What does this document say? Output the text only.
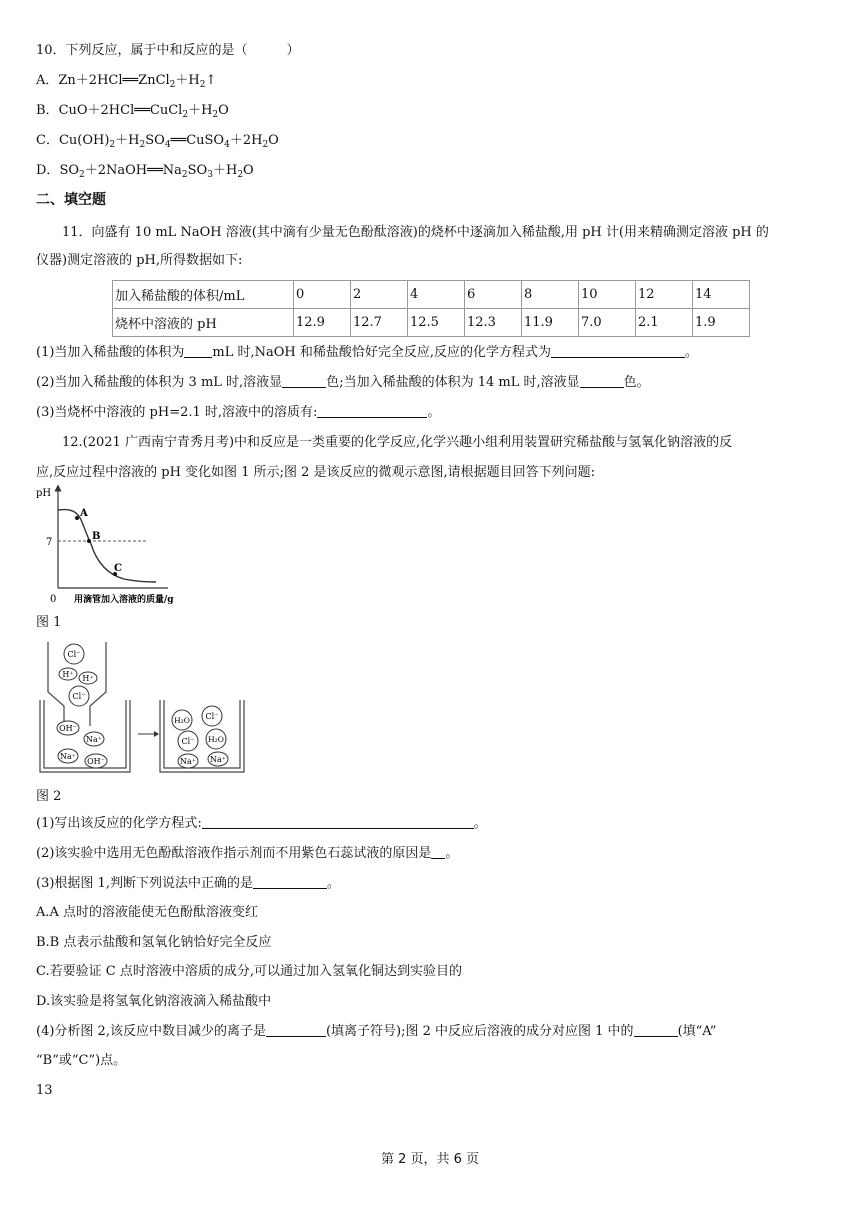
10．下列反应，属于中和反应的是（　　　）
A．$Zn+2HCl══ZnCl_2+H_2↑$
B．$CuO+2HCl══CuCl_2+H_2O$
C．$Cu(OH)_2+H_2SO_4══CuSO_4+2H_2O$
D．$SO_2+2NaOH══Na_2SO_3+H_2O$
二、填空题
11．向盛有 10 mL NaOH 溶液(其中滴有少量无色酚酞溶液)的烧杯中逐滴加入稀盐酸,用 pH 计(用来精确测定溶液 pH 的
仪器)测定溶液的 pH,所得数据如下:
加入稀盐酸的体积/mL	0	2	4	6	8	10	12	14
烧杯中溶液的 pH	12.9	12.7	12.5	12.3	11.9	7.0	2.1	1.9
(1)当加入稀盐酸的体积为 mL 时,NaOH 和稀盐酸恰好完全反应,反应的化学方程式为	。
(2)当加入稀盐酸的体积为 3 mL 时,溶液显	色;当加入稀盐酸的体积为 14 mL 时,溶液显	色。
(3)当烧杯中溶液的 pH=2.1 时,溶液中的溶质有:	。
12.(2021 广西南宁青秀月考)中和反应是一类重要的化学反应,化学兴趣小组利用装置研究稀盐酸与氢氧化钠溶液的反
应,反应过程中溶液的 pH 变化如图 1 所示;图 2 是该反应的微观示意图,请根据题目回答下列问题:
pH
7
0 用滴管加入溶液的质量/g
A
B
C
图 1
Cl⁻
H⁺ H⁺
Cl⁻
OH⁻
Na⁺
Na⁺
OH⁻
H₂O Cl⁻
Cl⁻ H₂O
Na⁺ Na⁺
图 2
(1)写出该反应的化学方程式:	。
(2)该实验中选用无色酚酞溶液作指示剂而不用紫色石蕊试液的原因是 。
(3)根据图 1,判断下列说法中正确的是	。
A.A 点时的溶液能使无色酚酞溶液变红
B.B 点表示盐酸和氢氧化钠恰好完全反应
C.若要验证 C 点时溶液中溶质的成分,可以通过加入氢氧化铜达到实验目的
D.该实验是将氢氧化钠溶液滴入稀盐酸中
(4)分析图 2,该反应中数目减少的离子是	(填离子符号);图 2 中反应后溶液的成分对应图 1 中的	(填“A”
“B”或“C”)点。
13
第 2 页，共 6 页
